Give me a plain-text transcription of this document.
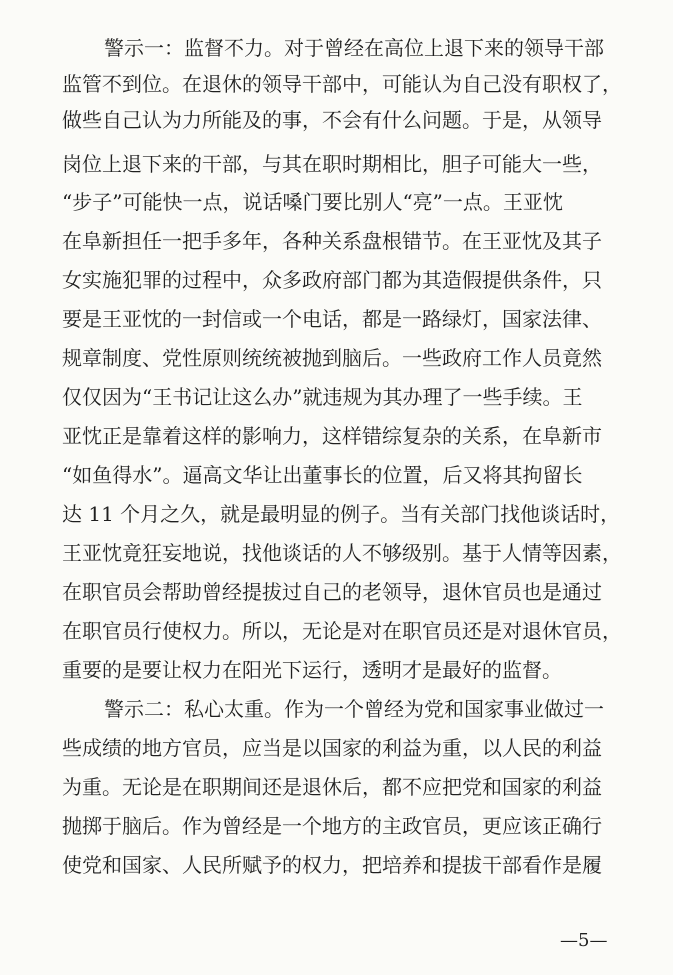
警示一：监督不力。对于曾经在高位上退下来的领导干部
监管不到位。在退休的领导干部中，可能认为自己没有职权了，
做些自己认为力所能及的事，不会有什么问题。于是，从领导
岗位上退下来的干部，与其在职时期相比，胆子可能大一些，
“步子”可能快一点，说话嗓门要比别人“亮”一点。王亚忱
在阜新担任一把手多年，各种关系盘根错节。在王亚忱及其子
女实施犯罪的过程中，众多政府部门都为其造假提供条件，只
要是王亚忱的一封信或一个电话，都是一路绿灯，国家法律、
规章制度、党性原则统统被抛到脑后。一些政府工作人员竟然
仅仅因为“王书记让这么办”就违规为其办理了一些手续。王
亚忱正是靠着这样的影响力，这样错综复杂的关系，在阜新市
“如鱼得水”。逼高文华让出董事长的位置，后又将其拘留长
达 11 个月之久，就是最明显的例子。当有关部门找他谈话时，
王亚忱竟狂妄地说，找他谈话的人不够级别。基于人情等因素，
在职官员会帮助曾经提拔过自己的老领导，退休官员也是通过
在职官员行使权力。所以，无论是对在职官员还是对退休官员，
重要的是要让权力在阳光下运行，透明才是最好的监督。
警示二：私心太重。作为一个曾经为党和国家事业做过一
些成绩的地方官员，应当是以国家的利益为重，以人民的利益
为重。无论是在职期间还是退休后，都不应把党和国家的利益
抛掷于脑后。作为曾经是一个地方的主政官员，更应该正确行
使党和国家、人民所赋予的权力，把培养和提拔干部看作是履
—5—
